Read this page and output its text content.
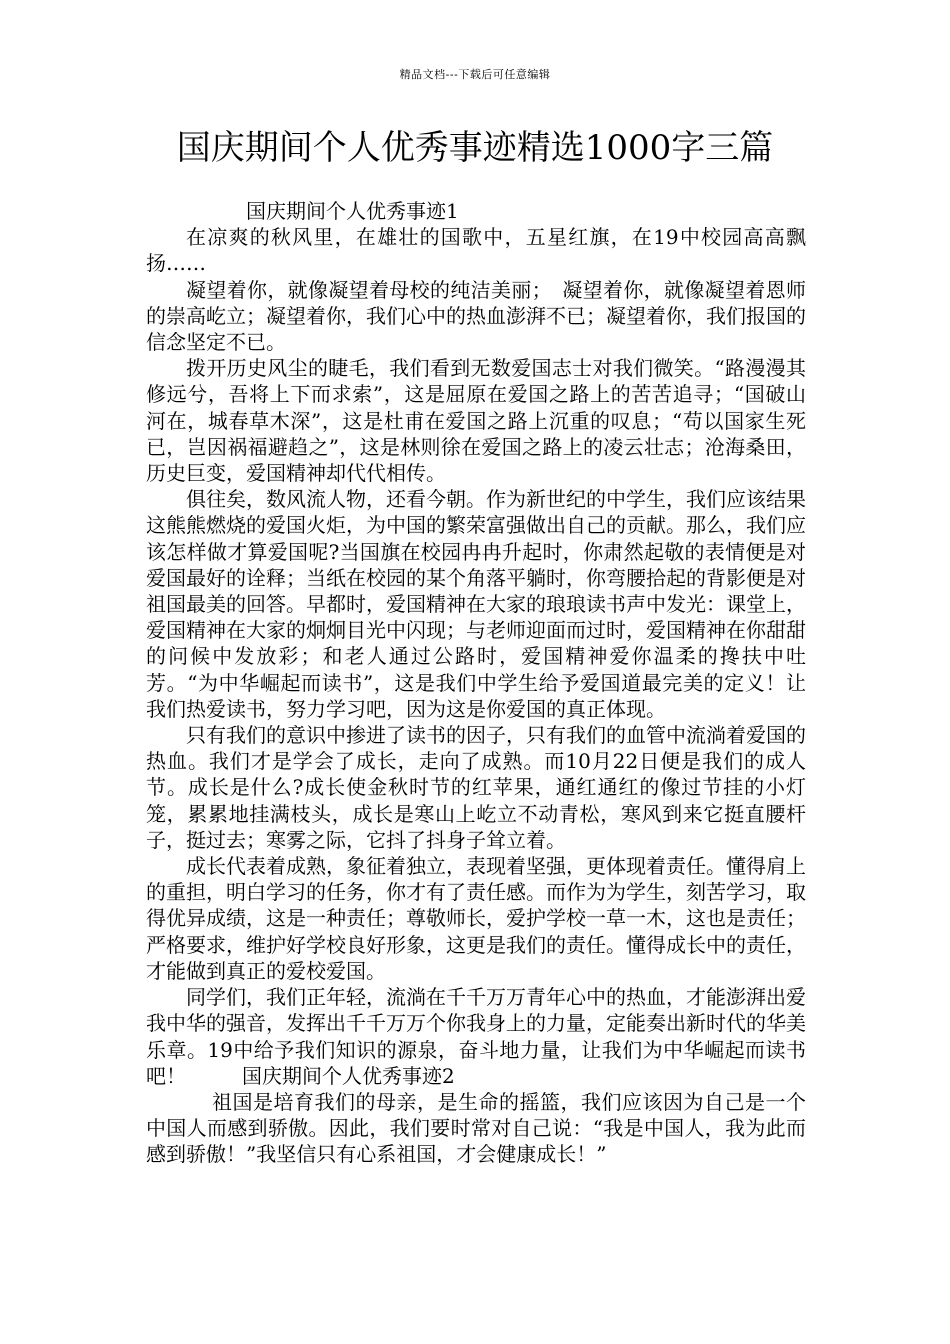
精品文档---下载后可任意编辑
国庆期间个人优秀事迹精选1000字三篇

国庆期间个人优秀事迹1

在凉爽的秋风里，在雄壮的国歌中，五星红旗，在19中校园高高飘扬……

凝望着你，就像凝望着母校的纯洁美丽；　凝望着你，就像凝望着恩师的崇高屹立；凝望着你，我们心中的热血澎湃不已；凝望着你，我们报国的信念坚定不已。

拨开历史风尘的睫毛，我们看到无数爱国志士对我们微笑。“路漫漫其修远兮，吾将上下而求索”，这是屈原在爱国之路上的苦苦追寻；“国破山河在，城春草木深”，这是杜甫在爱国之路上沉重的叹息；“苟以国家生死已，岂因祸福避趋之”，这是林则徐在爱国之路上的凌云壮志；沧海桑田，历史巨变，爱国精神却代代相传。

俱往矣，数风流人物，还看今朝。作为新世纪的中学生，我们应该结果这熊熊燃烧的爱国火炬，为中国的繁荣富强做出自己的贡献。那么，我们应该怎样做才算爱国呢?当国旗在校园冉冉升起时，你肃然起敬的表情便是对爱国最好的诠释；当纸在校园的某个角落平躺时，你弯腰拾起的背影便是对祖国最美的回答。早都时，爱国精神在大家的琅琅读书声中发光：课堂上，爱国精神在大家的炯炯目光中闪现；与老师迎面而过时，爱国精神在你甜甜的问候中发放彩；和老人通过公路时，爱国精神爱你温柔的搀扶中吐芳。“为中华崛起而读书”，这是我们中学生给予爱国道最完美的定义！让我们热爱读书，努力学习吧，因为这是你爱国的真正体现。

只有我们的意识中掺进了读书的因子，只有我们的血管中流淌着爱国的热血。我们才是学会了成长，走向了成熟。而10月22日便是我们的成人节。成长是什么?成长使金秋时节的红苹果，通红通红的像过节挂的小灯笼，累累地挂满枝头，成长是寒山上屹立不动青松，寒风到来它挺直腰杆子，挺过去；寒雾之际，它抖了抖身子耸立着。

成长代表着成熟，象征着独立，表现着坚强，更体现着责任。懂得肩上的重担，明白学习的任务，你才有了责任感。而作为为学生，刻苦学习，取得优异成绩，这是一种责任；尊敬师长，爱护学校一草一木，这也是责任；严格要求，维护好学校良好形象，这更是我们的责任。懂得成长中的责任，才能做到真正的爱校爱国。

同学们，我们正年轻，流淌在千千万万青年心中的热血，才能澎湃出爱我中华的强音，发挥出千千万万个你我身上的力量，定能奏出新时代的华美乐章。19中给予我们知识的源泉，奋斗地力量，让我们为中华崛起而读书吧！	国庆期间个人优秀事迹2

祖国是培育我们的母亲，是生命的摇篮，我们应该因为自己是一个中国人而感到骄傲。因此，我们要时常对自己说：“我是中国人，我为此而感到骄傲！”我坚信只有心系祖国，才会健康成长！”
